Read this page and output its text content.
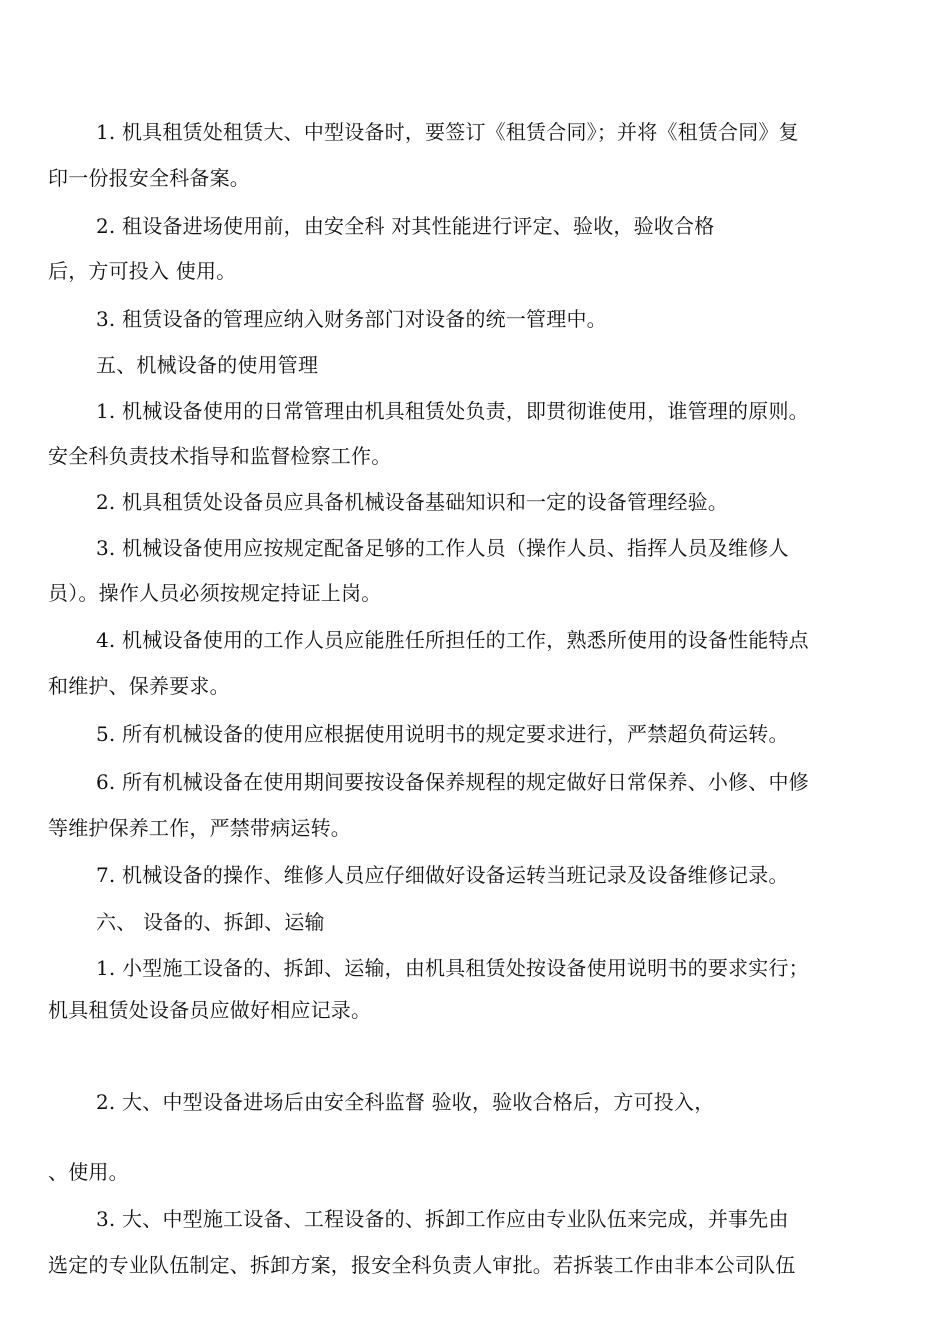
1. 机具租赁处租赁大、中型设备时，要签订《租赁合同》；并将《租赁合同》复
印一份报安全科备案。
2. 租设备进场使用前，由安全科 对其性能进行评定、验收，验收合格
后，方可投入 使用。
3. 租赁设备的管理应纳入财务部门对设备的统一管理中。
五、机械设备的使用管理
1. 机械设备使用的日常管理由机具租赁处负责，即贯彻谁使用，谁管理的原则。
安全科负责技术指导和监督检察工作。
2. 机具租赁处设备员应具备机械设备基础知识和一定的设备管理经验。
3. 机械设备使用应按规定配备足够的工作人员（操作人员、指挥人员及维修人
员）。操作人员必须按规定持证上岗。
4. 机械设备使用的工作人员应能胜任所担任的工作，熟悉所使用的设备性能特点
和维护、保养要求。
5. 所有机械设备的使用应根据使用说明书的规定要求进行，严禁超负荷运转。
6. 所有机械设备在使用期间要按设备保养规程的规定做好日常保养、小修、中修
等维护保养工作，严禁带病运转。
7. 机械设备的操作、维修人员应仔细做好设备运转当班记录及设备维修记录。
六、 设备的、拆卸、运输
1. 小型施工设备的、拆卸、运输，由机具租赁处按设备使用说明书的要求实行；
机具租赁处设备员应做好相应记录。
2. 大、中型设备进场后由安全科监督 验收，验收合格后，方可投入，
、使用。
3. 大、中型施工设备、工程设备的、拆卸工作应由专业队伍来完成，并事先由
选定的专业队伍制定、拆卸方案，报安全科负责人审批。若拆装工作由非本公司队伍
